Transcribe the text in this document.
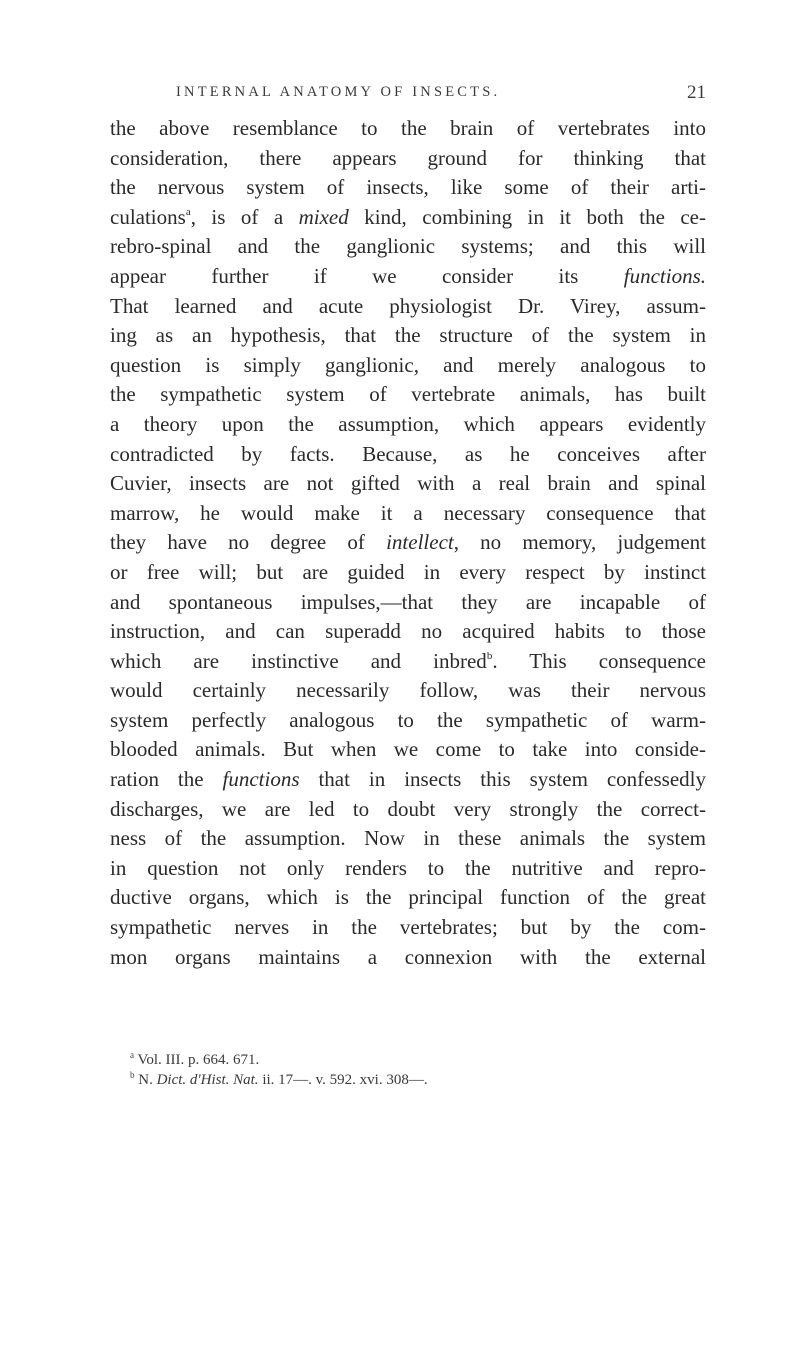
INTERNAL ANATOMY OF INSECTS.	21
the above resemblance to the brain of vertebrates into
consideration, there appears ground for thinking that
the nervous system of insects, like some of their arti-
culations$^a$, is of a mixed kind, combining in it both the ce-
rebro-spinal and the ganglionic systems; and this will
appear further if we consider its functions.
That learned and acute physiologist Dr. Virey, assum-
ing as an hypothesis, that the structure of the system in
question is simply ganglionic, and merely analogous to
the sympathetic system of vertebrate animals, has built
a theory upon the assumption, which appears evidently
contradicted by facts. Because, as he conceives after
Cuvier, insects are not gifted with a real brain and spinal
marrow, he would make it a necessary consequence that
they have no degree of intellect, no memory, judgement
or free will; but are guided in every respect by instinct
and spontaneous impulses,—that they are incapable of
instruction, and can superadd no acquired habits to those
which are instinctive and inbred$^b$. This consequence
would certainly necessarily follow, was their nervous
system perfectly analogous to the sympathetic of warm-
blooded animals. But when we come to take into conside-
ration the functions that in insects this system confessedly
discharges, we are led to doubt very strongly the correct-
ness of the assumption. Now in these animals the system
in question not only renders to the nutritive and repro-
ductive organs, which is the principal function of the great
sympathetic nerves in the vertebrates; but by the com-
mon organs maintains a connexion with the external
$^a$ Vol. III. p. 664. 671.
$^b$ N. Dict. d'Hist. Nat. ii. 17—. v. 592. xvi. 308—.
